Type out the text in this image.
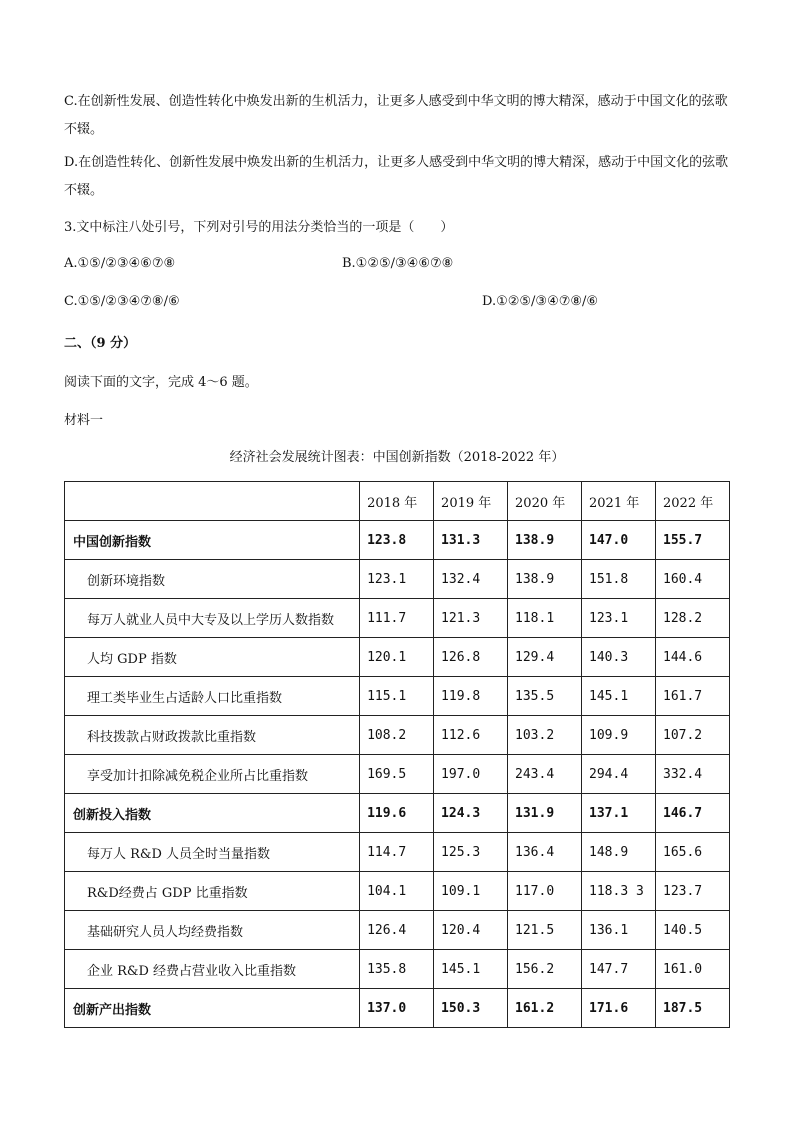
C.在创新性发展、创造性转化中焕发出新的生机活力，让更多人感受到中华文明的博大精深，感动于中国文化的弦歌不辍。
D.在创造性转化、创新性发展中焕发出新的生机活力，让更多人感受到中华文明的博大精深，感动于中国文化的弦歌不辍。
3.文中标注八处引号，下列对引号的用法分类恰当的一项是（　　）
A.①⑤/②③④⑥⑦⑧	B.①②⑤/③④⑥⑦⑧
C.①⑤/②③④⑦⑧/⑥	D.①②⑤/③④⑦⑧/⑥
二、（9 分）
阅读下面的文字，完成 4～6 题。
材料一
经济社会发展统计图表：中国创新指数（2018-2022 年）
	2018 年	2019 年	2020 年	2021 年	2022 年
中国创新指数	123.8	131.3	138.9	147.0	155.7
创新环境指数	123.1	132.4	138.9	151.8	160.4
每万人就业人员中大专及以上学历人数指数	111.7	121.3	118.1	123.1	128.2
人均 GDP 指数	120.1	126.8	129.4	140.3	144.6
理工类毕业生占适龄人口比重指数	115.1	119.8	135.5	145.1	161.7
科技拨款占财政拨款比重指数	108.2	112.6	103.2	109.9	107.2
享受加计扣除减免税企业所占比重指数	169.5	197.0	243.4	294.4	332.4
创新投入指数	119.6	124.3	131.9	137.1	146.7
每万人 R&D 人员全时当量指数	114.7	125.3	136.4	148.9	165.6
R&D经费占 GDP 比重指数	104.1	109.1	117.0	118.3 3	123.7
基础研究人员人均经费指数	126.4	120.4	121.5	136.1	140.5
企业 R&D 经费占营业收入比重指数	135.8	145.1	156.2	147.7	161.0
创新产出指数	137.0	150.3	161.2	171.6	187.5
